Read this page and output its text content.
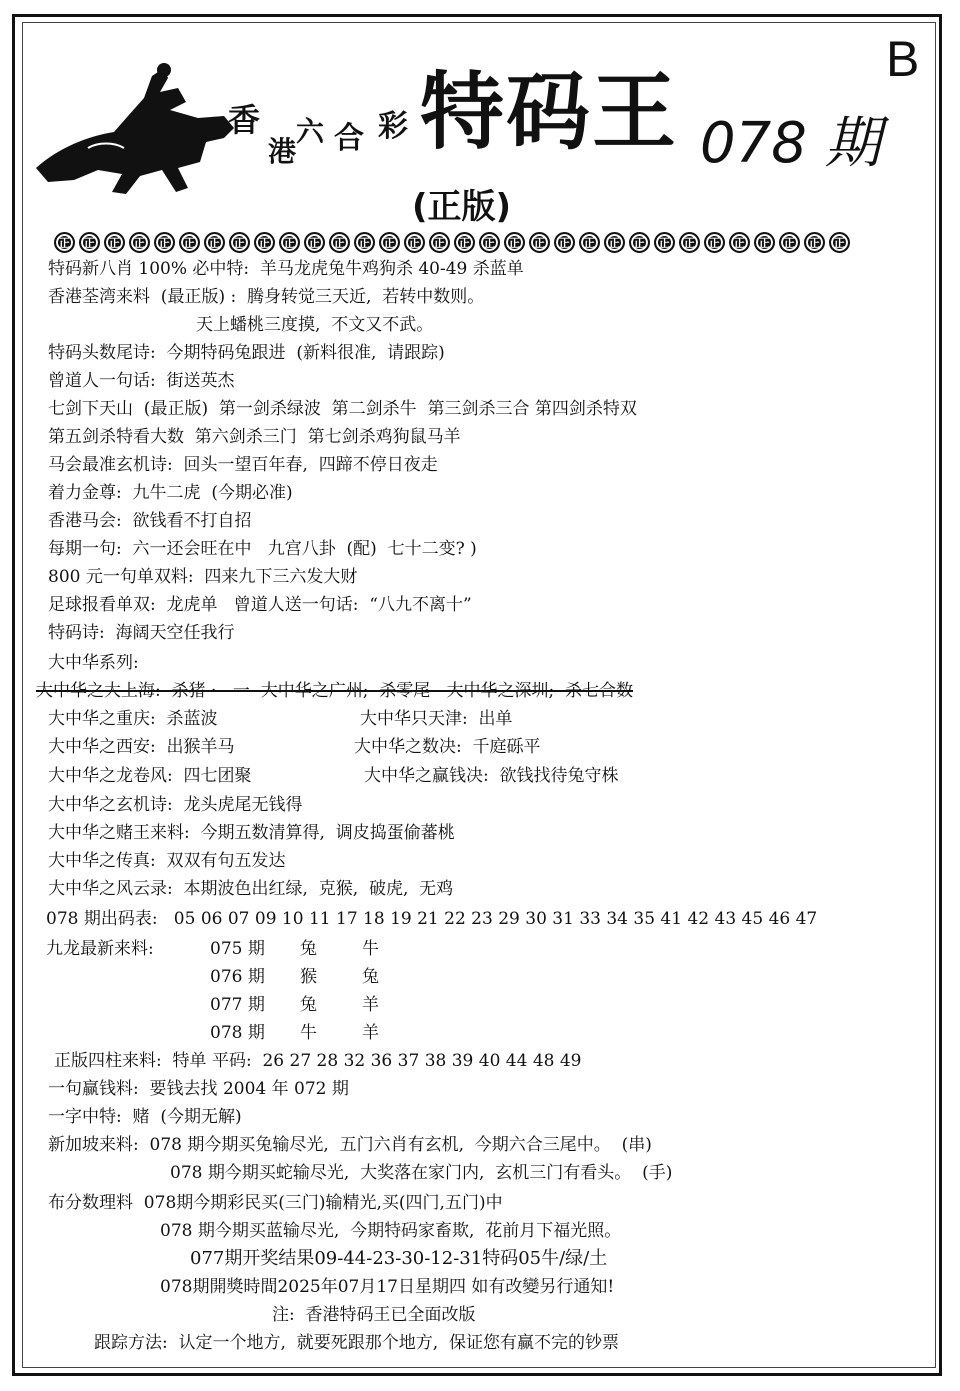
B
香
港
六 合 彩 特码王 078 期
(正版)
正	正	正	正	正	正	正	正	正	正	正	正	正	正	正	正	正	正	正	正	正	正	正	正	正	正	正	正	正	正	正	正
特码新八肖 100% 必中特:  羊马龙虎兔牛鸡狗杀 40-49 杀蓝单
香港荃湾来料  (最正版) :  腾身转觉三天近,  若转中数则。
天上蟠桃三度摸,  不文又不武。
特码头数尾诗:  今期特码兔跟进  (新料很准,  请跟踪)
曾道人一句话:  街送英杰
七剑下天山  (最正版)  第一剑杀绿波  第二剑杀牛  第三剑杀三合 第四剑杀特双
第五剑杀特看大数  第六剑杀三门  第七剑杀鸡狗鼠马羊
马会最准玄机诗:  回头一望百年春,  四蹄不停日夜走
着力金尊:  九牛二虎  (今期必准)
香港马会:  欲钱看不打自招
每期一句:  六一还会旺在中   九宫八卦  (配)  七十二变? )
800 元一句单双料:  四来九下三六发大财
足球报看单双:  龙虎单   曾道人送一句话:  “八九不离十”
特码诗:  海阔天空任我行
大中华系列:
大中华之大上海:  杀猪 ·-  一  大中华之广州;  杀零尾   大中华之深圳;  杀七合数
大中华之重庆:  杀蓝波	大中华只天津:  出单
大中华之西安:  出猴羊马	大中华之数决:  千庭砾平
大中华之龙卷风:  四七团聚	大中华之赢钱决:  欲钱找待兔守株
大中华之玄机诗:  龙头虎尾无钱得
大中华之赌王来料:  今期五数清算得,  调皮捣蛋偷蕃桃
大中华之传真:  双双有句五发达
大中华之风云录:  本期波色出红绿,  克猴,  破虎,  无鸡
078 期出码表:   05 06 07 09 10 11 17 18 19 21 22 23 29 30 31 33 34 35 41 42 43 45 46 47
九龙最新来料:	075 期 兔	牛
076 期 猴	兔
077 期 兔	羊
078 期 牛	羊
正版四柱来料:  特单 平码:  26 27 28 32 36 37 38 39 40 44 48 49
一句赢钱料:  要钱去找 2004 年 072 期
一字中特:  赌  (今期无解)
新加坡来料:  078 期今期买兔输尽光,  五门六肖有玄机,  今期六合三尾中。  (串)
078 期今期买蛇输尽光,  大奖落在家门内,  玄机三门有看头。  (手)
布分数理料  078期今期彩民买(三门)输精光,买(四门,五门)中
078 期今期买蓝输尽光,  今期特码家畜欺,  花前月下福光照。
077期开奖结果09-44-23-30-12-31特码05牛/绿/土
078期開獎時間2025年07月17日星期四 如有改變另行通知!
注:  香港特码王已全面改版
跟踪方法:  认定一个地方,  就要死跟那个地方,  保证您有赢不完的钞票
